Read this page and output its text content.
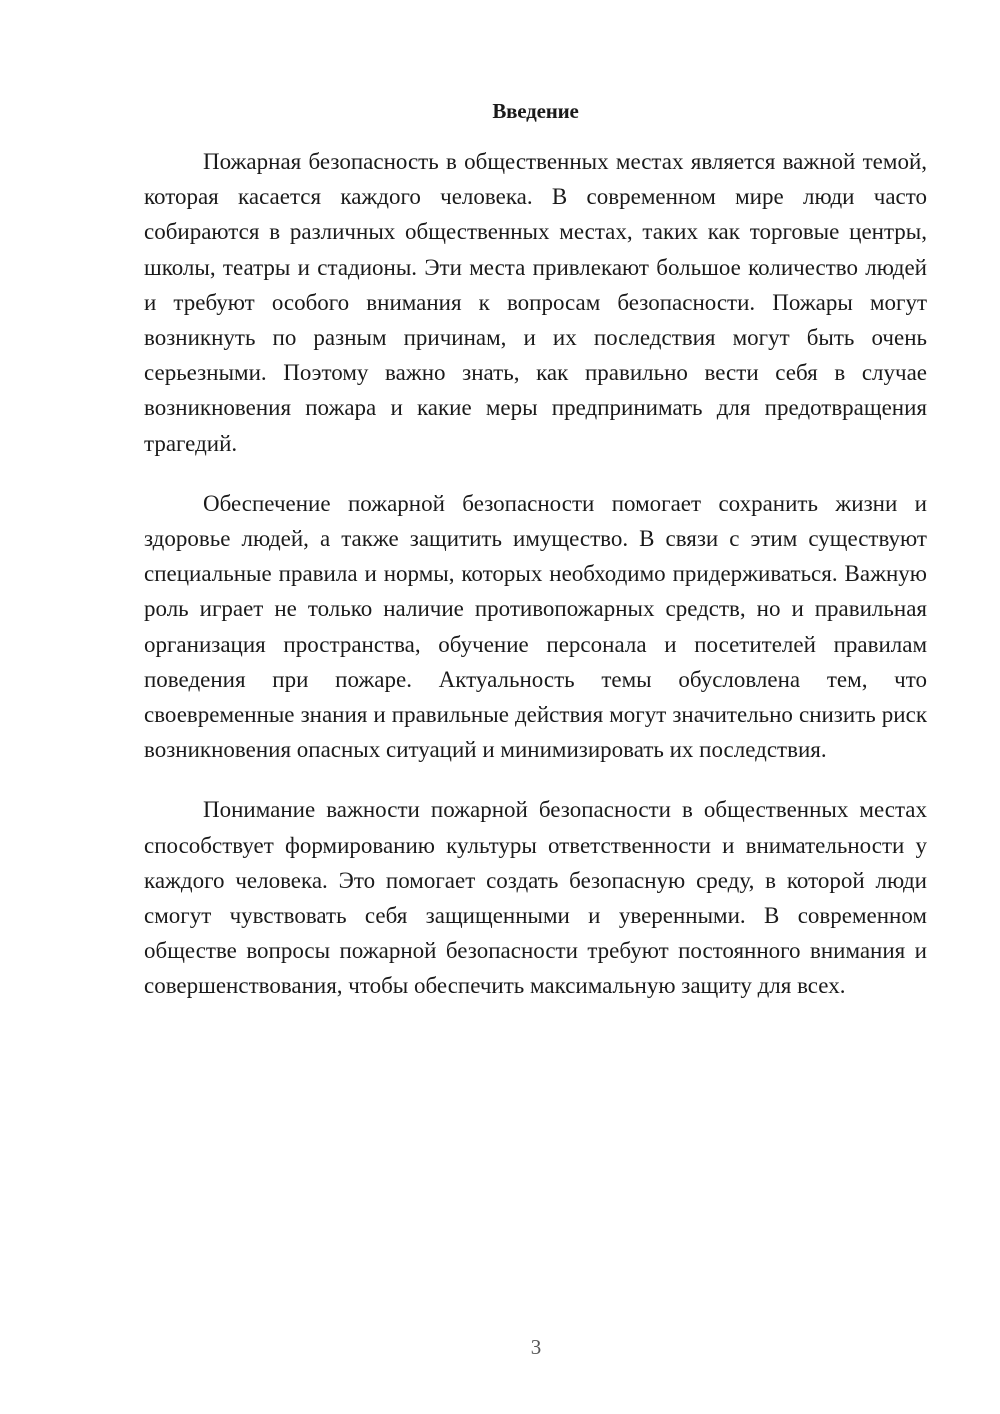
Введение

Пожарная безопасность в общественных местах является важной темой, которая касается каждого человека. В современном мире люди часто собираются в различных общественных местах, таких как торговые центры, школы, театры и стадионы. Эти места привлекают большое количество людей и требуют особого внимания к вопросам безопасности. Пожары могут возникнуть по разным причинам, и их последствия могут быть очень серьезными. Поэтому важно знать, как правильно вести себя в случае возникновения пожара и какие меры предпринимать для предотвращения трагедий.

Обеспечение пожарной безопасности помогает сохранить жизни и здоровье людей, а также защитить имущество. В связи с этим существуют специальные правила и нормы, которых необходимо придерживаться. Важную роль играет не только наличие противопожарных средств, но и правильная организация пространства, обучение персонала и посетителей правилам поведения при пожаре. Актуальность темы обусловлена тем, что своевременные знания и правильные действия могут значительно снизить риск возникновения опасных ситуаций и минимизировать их последствия.

Понимание важности пожарной безопасности в общественных местах способствует формированию культуры ответственности и внимательности у каждого человека. Это помогает создать безопасную среду, в которой люди смогут чувствовать себя защищенными и уверенными. В современном обществе вопросы пожарной безопасности требуют постоянного внимания и совершенствования, чтобы обеспечить максимальную защиту для всех.

3
